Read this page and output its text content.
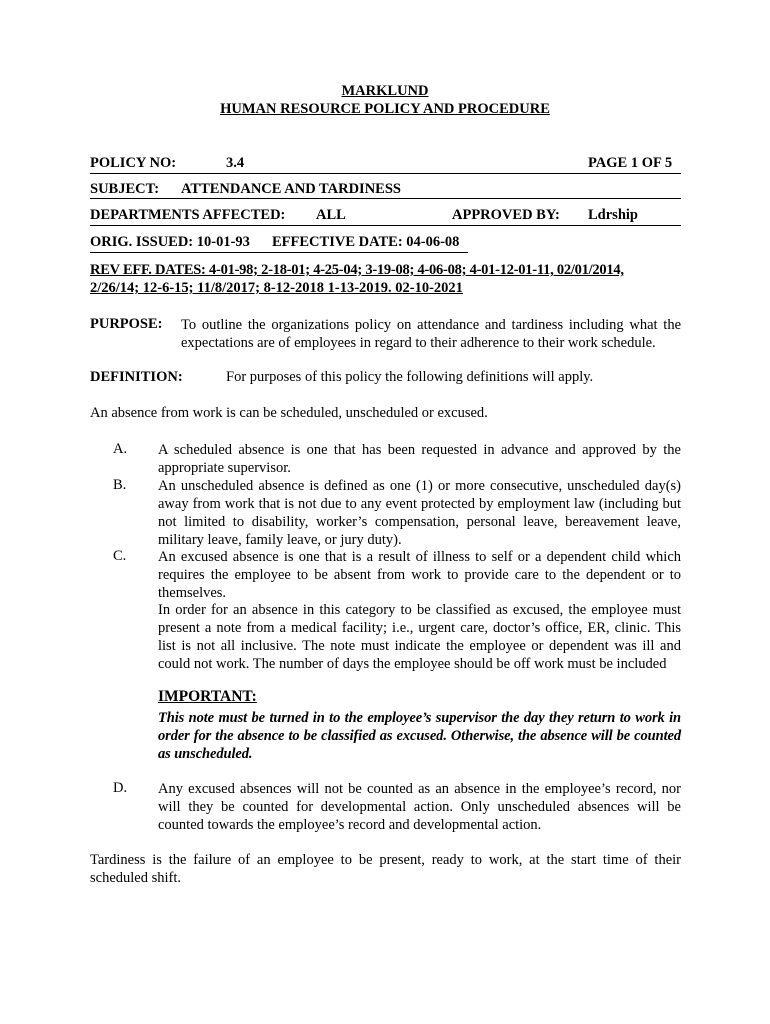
MARKLUND
HUMAN RESOURCE POLICY AND PROCEDURE
POLICY NO:	3.4	PAGE 1 OF 5
SUBJECT: ATTENDANCE AND TARDINESS
DEPARTMENTS AFFECTED: ALL	APPROVED BY: Ldrship
ORIG. ISSUED: 10-01-93 EFFECTIVE DATE: 04-06-08
REV EFF. DATES: 4-01-98; 2-18-01; 4-25-04; 3-19-08; 4-06-08; 4-01-12-01-11, 02/01/2014,
2/26/14; 12-6-15; 11/8/2017; 8-12-2018 1-13-2019. 02-10-2021
PURPOSE: To outline the organizations policy on attendance and tardiness including what the expectations are of employees in regard to their adherence to their work schedule.
DEFINITION:	For purposes of this policy the following definitions will apply.
An absence from work is can be scheduled, unscheduled or excused.
A. A scheduled absence is one that has been requested in advance and approved by the appropriate supervisor.
B. An unscheduled absence is defined as one (1) or more consecutive, unscheduled day(s) away from work that is not due to any event protected by employment law (including but not limited to disability, worker’s compensation, personal leave, bereavement leave, military leave, family leave, or jury duty).
C. An excused absence is one that is a result of illness to self or a dependent child which requires the employee to be absent from work to provide care to the dependent or to themselves.
In order for an absence in this category to be classified as excused, the employee must present a note from a medical facility; i.e., urgent care, doctor’s office, ER, clinic. This list is not all inclusive. The note must indicate the employee or dependent was ill and could not work. The number of days the employee should be off work must be included
IMPORTANT:
This note must be turned in to the employee’s supervisor the day they return to work in order for the absence to be classified as excused. Otherwise, the absence will be counted as unscheduled.
D. Any excused absences will not be counted as an absence in the employee’s record, nor will they be counted for developmental action. Only unscheduled absences will be counted towards the employee’s record and developmental action.
Tardiness is the failure of an employee to be present, ready to work, at the start time of their scheduled shift.
